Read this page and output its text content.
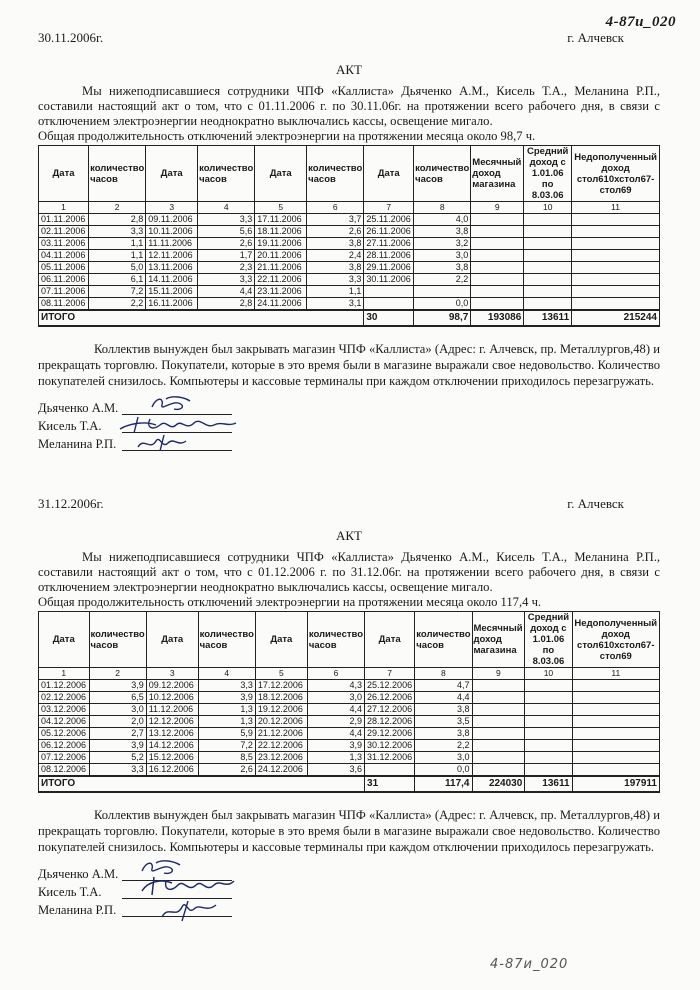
4-87и_020
30.11.2006г.	г. Алчевск
АКТ

Мы нижеподписавшиеся сотрудники ЧПФ «Каллиста» Дьяченко А.М., Кисель Т.А., Меланина Р.П., составили настоящий акт о том, что с 01.11.2006 г. по 30.11.06г. на протяжении всего рабочего дня, в связи с отключением электроэнергии неоднократно выключались кассы, освещение мигало.

Общая продолжительность отключений электроэнергии на протяжении месяца около 98,7 ч.

Дата	количество часов	Дата	количество часов	Дата	количество часов	Дата	количество часов	Месячный доход магазина	Средний доход с 1.01.06 по 8.03.06	Недополученный доход стол610хстол67-стол69
1	2	3	4	5	6	7	8	9	10	11
01.11.2006	2,8	09.11.2006	3,3	17.11.2006	3,7	25.11.2006	4,0			
02.11.2006	3,3	10.11.2006	5,6	18.11.2006	2,6	26.11.2006	3,8			
03.11.2006	1,1	11.11.2006	2,6	19.11.2006	3,8	27.11.2006	3,2			
04.11.2006	1,1	12.11.2006	1,7	20.11.2006	2,4	28.11.2006	3,0			
05.11.2006	5,0	13.11.2006	2,3	21.11.2006	3,8	29.11.2006	3,8			
06.11.2006	6,1	14.11.2006	3,3	22.11.2006	3,3	30.11.2006	2,2			
07.11.2006	7,2	15.11.2006	4,4	23.11.2006	1,1					
08.11.2006	2,2	16.11.2006	2,8	24.11.2006	3,1		0,0			
ИТОГО						30	98,7	193086	13611	215244

Коллектив вынужден был закрывать магазин ЧПФ «Каллиста» (Адрес: г. Алчевск, пр. Металлургов,48) и прекращать торговлю. Покупатели, которые в это время были в магазине выражали свое недовольство. Количество покупателей снизилось. Компьютеры и кассовые терминалы при каждом отключении приходилось перезагружать.

Дьяченко А.М.
Кисель Т.А.
Меланина Р.П.
31.12.2006г.	г. Алчевск
АКТ

Мы нижеподписавшиеся сотрудники ЧПФ «Каллиста» Дьяченко А.М., Кисель Т.А., Меланина Р.П., составили настоящий акт о том, что с 01.12.2006 г. по 31.12.06г. на протяжении всего рабочего дня, в связи с отключением электроэнергии неоднократно выключались кассы, освещение мигало.

Общая продолжительность отключений электроэнергии на протяжении месяца около 117,4 ч.

Дата	количество часов	Дата	количество часов	Дата	количество часов	Дата	количество часов	Месячный доход магазина	Средний доход с 1.01.06 по 8.03.06	Недополученный доход стол610хстол67-стол69
1	2	3	4	5	6	7	8	9	10	11
01.12.2006	3,9	09.12.2006	3,3	17.12.2006	4,3	25.12.2006	4,7			
02.12.2006	6,5	10.12.2006	3,9	18.12.2006	3,0	26.12.2006	4,4			
03.12.2006	3,0	11.12.2006	1,3	19.12.2006	4,4	27.12.2006	3,8			
04.12.2006	2,0	12.12.2006	1,3	20.12.2006	2,9	28.12.2006	3,5			
05.12.2006	2,7	13.12.2006	5,9	21.12.2006	4,4	29.12.2006	3,8			
06.12.2006	3,9	14.12.2006	7,2	22.12.2006	3,9	30.12.2006	2,2			
07.12.2006	5,2	15.12.2006	8,5	23.12.2006	1,3	31.12.2006	3,0			
08.12.2006	3,3	16.12.2006	2,6	24.12.2006	3,6		0,0			
ИТОГО						31	117,4	224030	13611	197911

Коллектив вынужден был закрывать магазин ЧПФ «Каллиста» (Адрес: г. Алчевск, пр. Металлургов,48) и прекращать торговлю. Покупатели, которые в это время были в магазине выражали свое недовольство. Количество покупателей снизилось. Компьютеры и кассовые терминалы при каждом отключении приходилось перезагружать.

Дьяченко А.М.
Кисель Т.А.
Меланина Р.П.
4-87и_020
